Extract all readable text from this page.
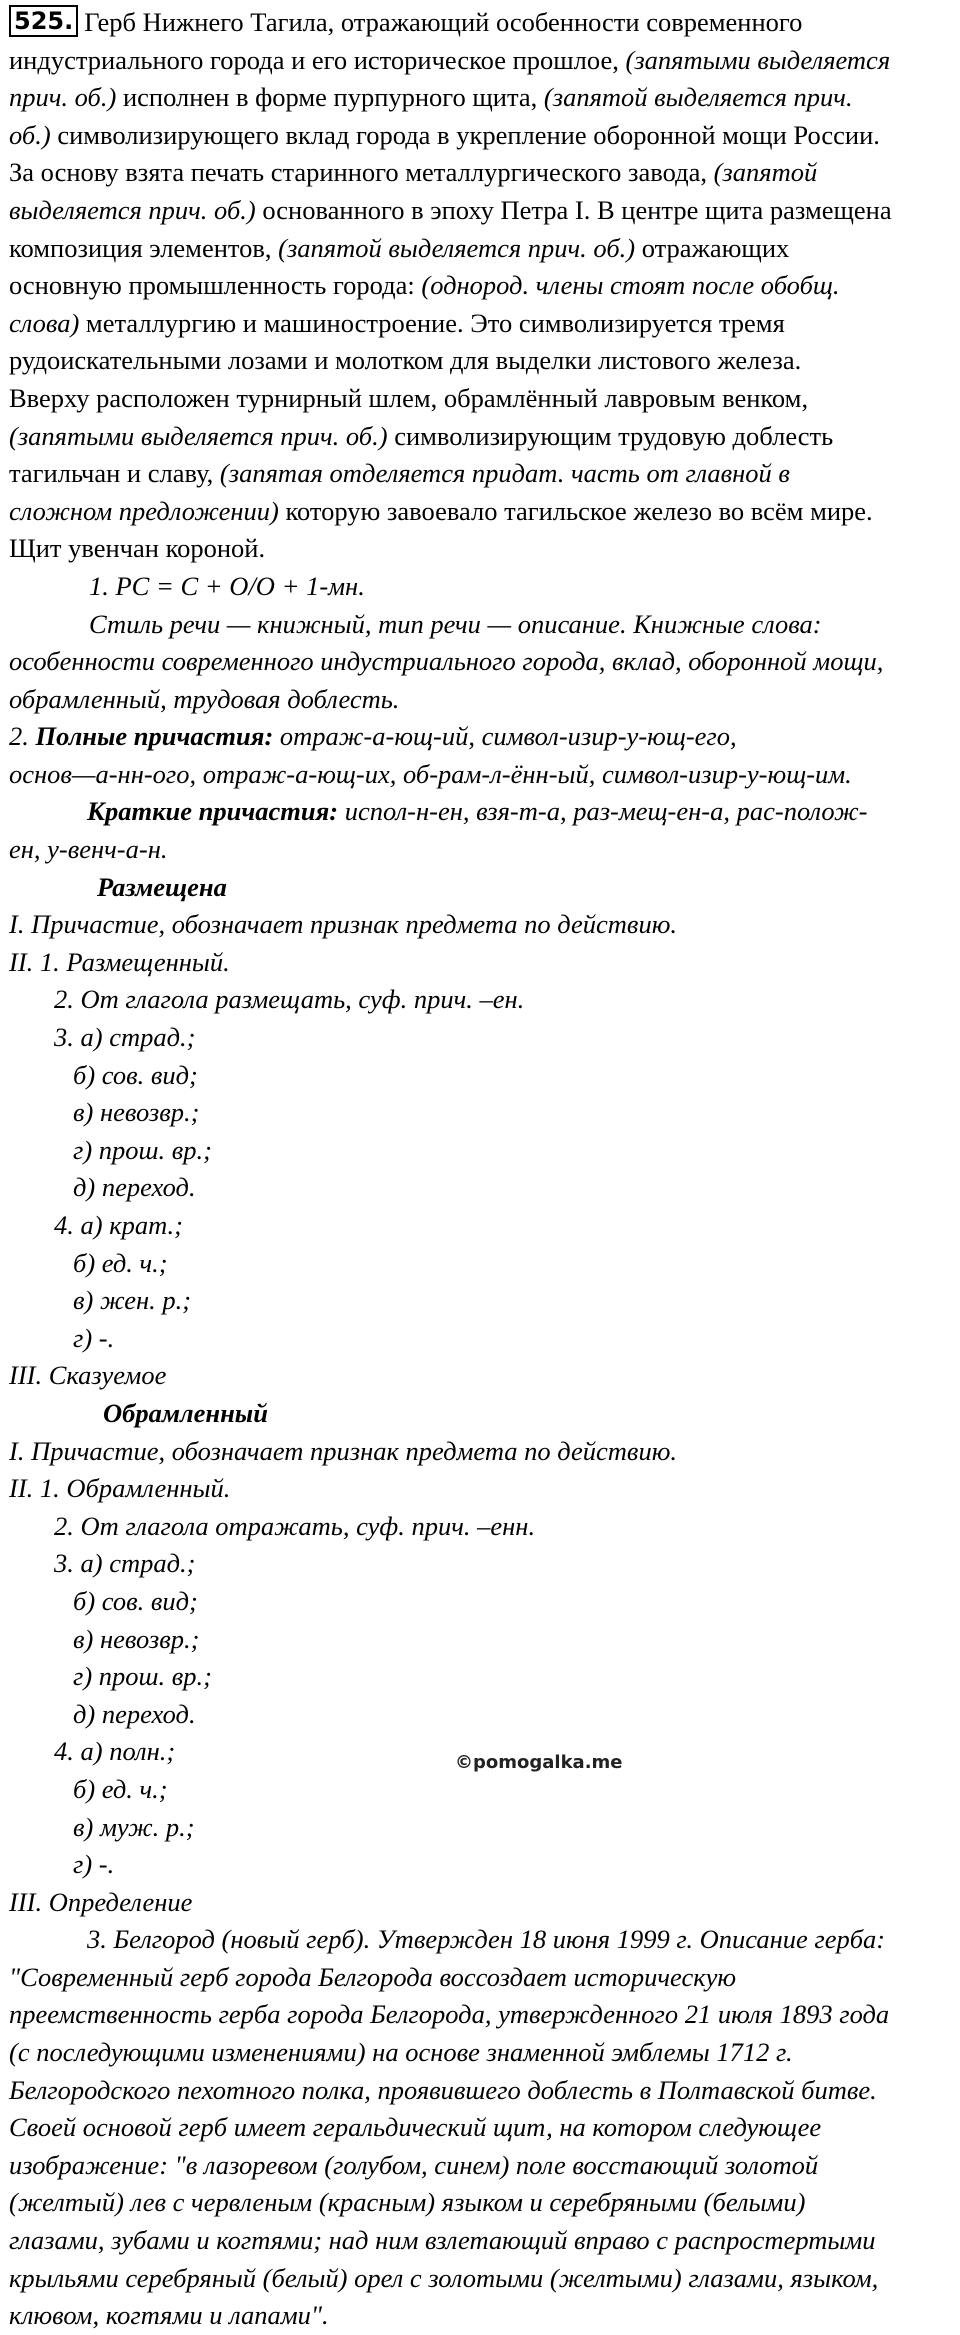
525. Герб Нижнего Тагила, отражающий особенности современного
индустриального города и его историческое прошлое, (запятыми выделяется
прич. об.) исполнен в форме пурпурного щита, (запятой выделяется прич.
об.) символизирующего вклад города в укрепление оборонной мощи России.
За основу взята печать старинного металлургического завода, (запятой
выделяется прич. об.) основанного в эпоху Петра I. В центре щита размещена
композиция элементов, (запятой выделяется прич. об.) отражающих
основную промышленность города: (однород. члены стоят после обобщ.
слова) металлургию и машиностроение. Это символизируется тремя
рудоискательными лозами и молотком для выделки листового железа.
Вверху расположен турнирный шлем, обрамлённый лавровым венком,
(запятыми выделяется прич. об.) символизирующим трудовую доблесть
тагильчан и славу, (запятая отделяется придат. часть от главной в
сложном предложении) которую завоевало тагильское железо во всём мире.
Щит увенчан короной.
1. PC = C + O/O + 1-мн.
Стиль речи — книжный, тип речи — описание. Книжные слова:
особенности современного индустриального города, вклад, оборонной мощи,
обрамленный, трудовая доблесть.
2. Полные причастия: отраж-а-ющ-ий, символ-изир-у-ющ-его,
основ—а-нн-ого, отраж-а-ющ-их, об-рам-л-ённ-ый, символ-изир-у-ющ-им.
Краткие причастия: испол-н-ен, взя-т-а, раз-мещ-ен-а, рас-полож-
ен, у-венч-а-н.
Размещена
I. Причастие, обозначает признак предмета по действию.
II. 1. Размещенный.
2. От глагола размещать, суф. прич. –ен.
3. а) страд.;
б) сов. вид;
в) невозвр.;
г) прош. вр.;
д) переход.
4. а) крат.;
б) ед. ч.;
в) жен. р.;
г) -.
III. Сказуемое
Обрамленный
I. Причастие, обозначает признак предмета по действию.
II. 1. Обрамленный.
2. От глагола отражать, суф. прич. –енн.
3. а) страд.;
б) сов. вид;
в) невозвр.;
г) прош. вр.;
д) переход.
4. а) полн.;
б) ед. ч.;
в) муж. р.;
г) -.
III. Определение
3. Белгород (новый герб). Утвержден 18 июня 1999 г. Описание герба:
"Современный герб города Белгорода воссоздает историческую
преемственность герба города Белгорода, утвержденного 21 июля 1893 года
(с последующими изменениями) на основе знаменной эмблемы 1712 г.
Белгородского пехотного полка, проявившего доблесть в Полтавской битве.
Своей основой герб имеет геральдический щит, на котором следующее
изображение: "в лазоревом (голубом, синем) поле восстающий золотой
(желтый) лев с червленым (красным) языком и серебряными (белыми)
глазами, зубами и когтями; над ним взлетающий вправо с распростертыми
крыльями серебряный (белый) орел с золотыми (желтыми) глазами, языком,
клювом, когтями и лапами".
©pomogalka.me
